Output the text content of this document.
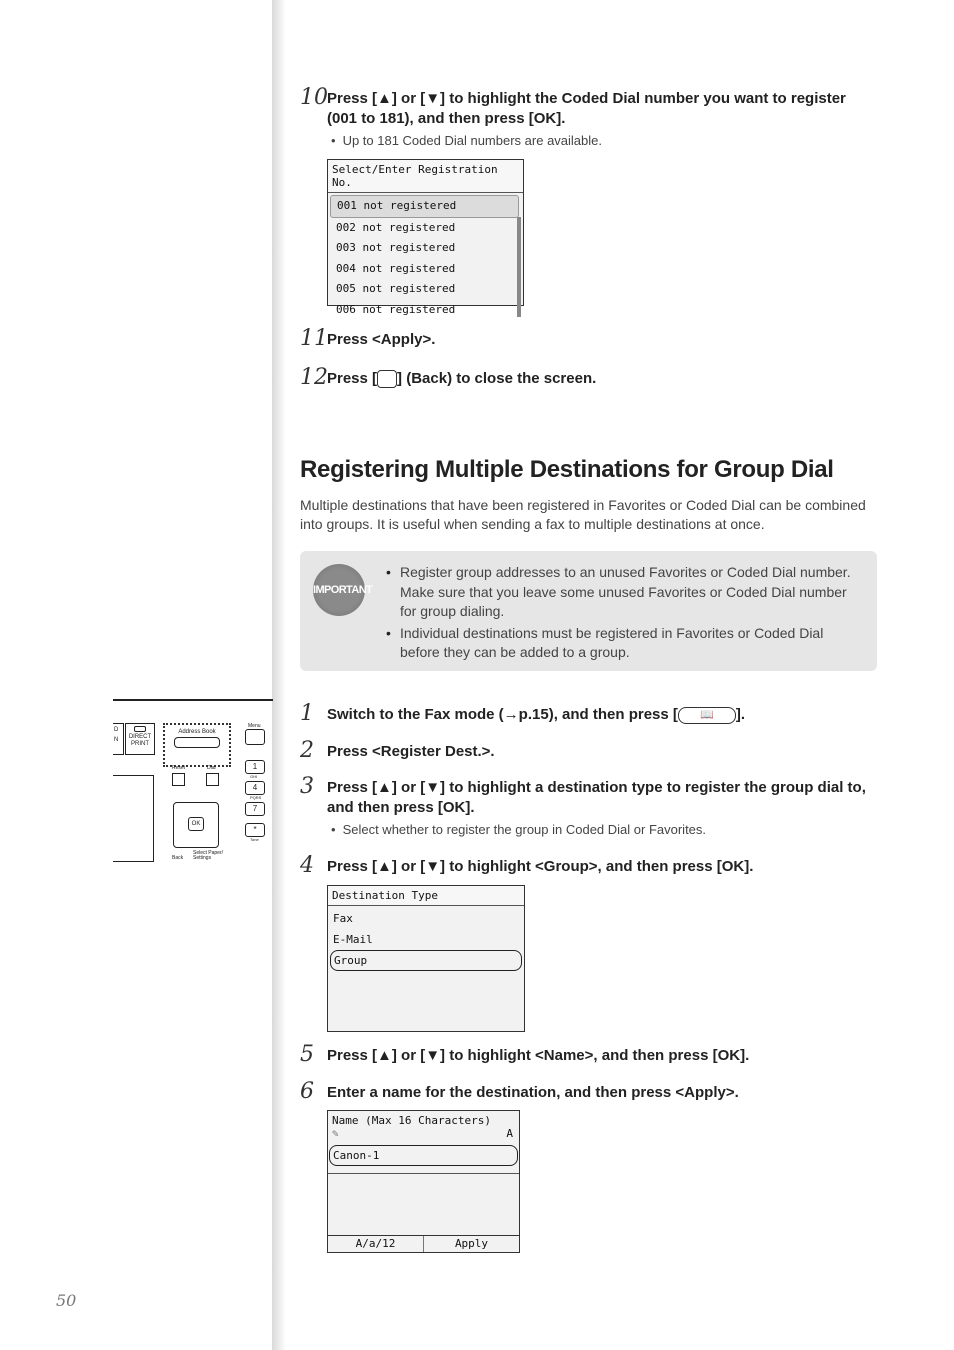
10 Press [▲] or [▼] to highlight the Coded Dial number you want to register (001 to 181), and then press [OK].
• Up to 181 Coded Dial numbers are available.
Select/Enter Registration No.
001 not registered
002 not registered
003 not registered
004 not registered
005 not registered
006 not registered
11 Press <Apply>.
12 Press [ ] (Back) to close the screen.
Registering Multiple Destinations for Group Dial
Multiple destinations that have been registered in Favorites or Coded Dial can be combined into groups. It is useful when sending a fax to multiple destinations at once.
IMPORTANT
• Register group addresses to an unused Favorites or Coded Dial number. Make sure that you leave some unused Favorites or Coded Dial number for group dialing.
• Individual destinations must be registered in Favorites or Coded Dial before they can be added to a group.
D
N	DIRECT PRINT
Address Book
Reset	Dial
OK
Back
Select Paper/ Settings
Menu
1
GHI
4
PQRS
7
*
Tone
1 Switch to the Fax mode (→p.15), and then press [ 📖 ].
2 Press <Register Dest.>.
3 Press [▲] or [▼] to highlight a destination type to register the group dial to, and then press [OK].
• Select whether to register the group in Coded Dial or Favorites.
4 Press [▲] or [▼] to highlight <Group>, and then press [OK].
Destination Type
Fax
E-Mail
Group
5 Press [▲] or [▼] to highlight <Name>, and then press [OK].
6 Enter a name for the destination, and then press <Apply>.
Name (Max 16 Characters)
✎	A
Canon-1
A/a/12	Apply
50
